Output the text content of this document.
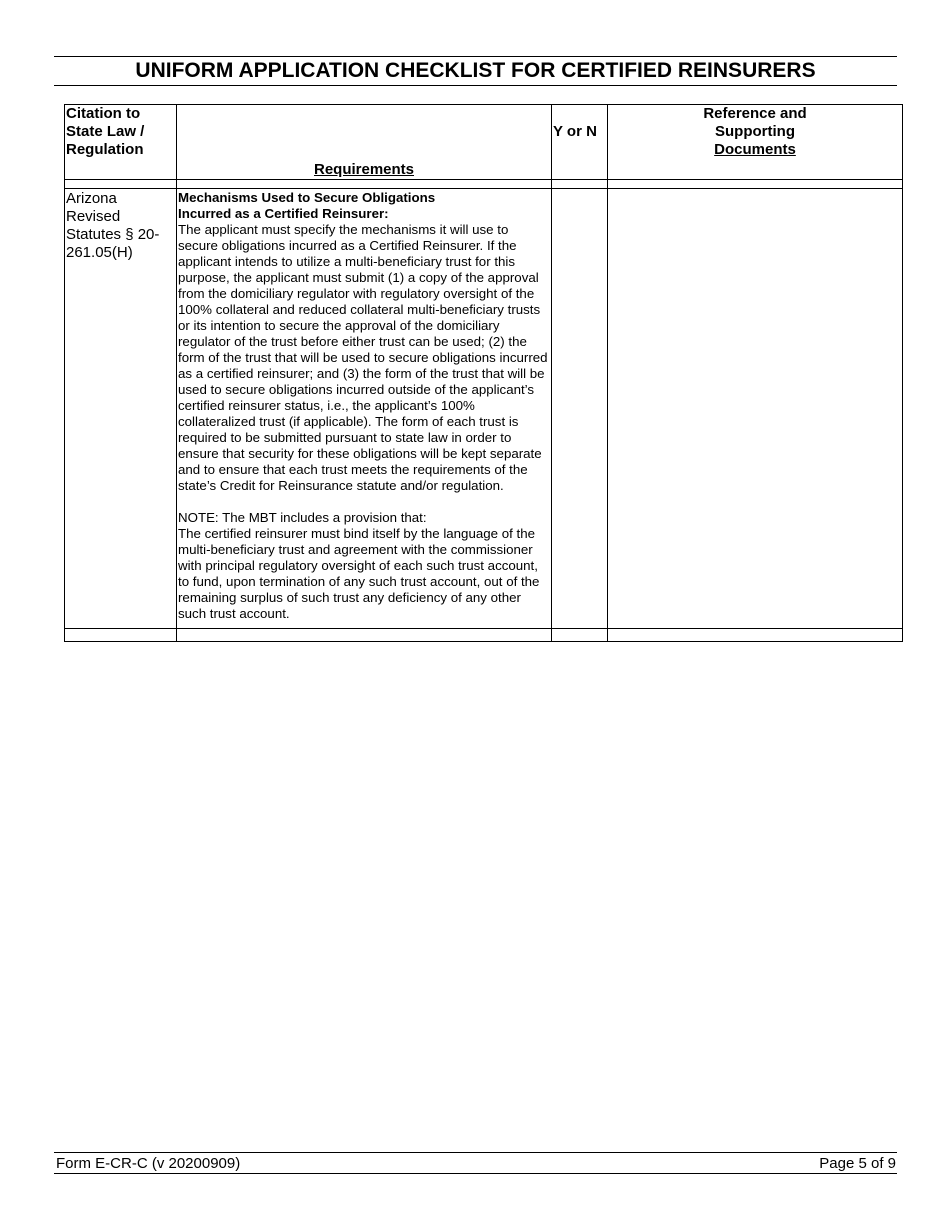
UNIFORM APPLICATION CHECKLIST FOR CERTIFIED REINSURERS
Citation to
State Law /
Regulation	Requirements	Y or N	Reference and
Supporting
Documents

Arizona Revised Statutes § 20-261.05(H)	Mechanisms Used to Secure Obligations
Incurred as a Certified Reinsurer:

The applicant must specify the mechanisms it will use to secure obligations incurred as a Certified Reinsurer. If the applicant intends to utilize a multi-beneficiary trust for this purpose, the applicant must submit (1) a copy of the approval from the domiciliary regulator with regulatory oversight of the 100% collateral and reduced collateral multi-beneficiary trusts or its intention to secure the approval of the domiciliary regulator of the trust before either trust can be used; (2) the form of the trust that will be used to secure obligations incurred as a certified reinsurer; and (3) the form of the trust that will be used to secure obligations incurred outside of the applicant’s certified reinsurer status, i.e., the applicant’s 100% collateralized trust (if applicable). The form of each trust is required to be submitted pursuant to state law in order to ensure that security for these obligations will be kept separate and to ensure that each trust meets the requirements of the state’s Credit for Reinsurance statute and/or regulation.

NOTE: The MBT includes a provision that:

The certified reinsurer must bind itself by the language of the multi-beneficiary trust and agreement with the commissioner with principal regulatory oversight of each such trust account, to fund, upon termination of any such trust account, out of the remaining surplus of such trust any deficiency of any other such trust account.		

Form E-CR-C (v 20200909)	Page 5 of 9
